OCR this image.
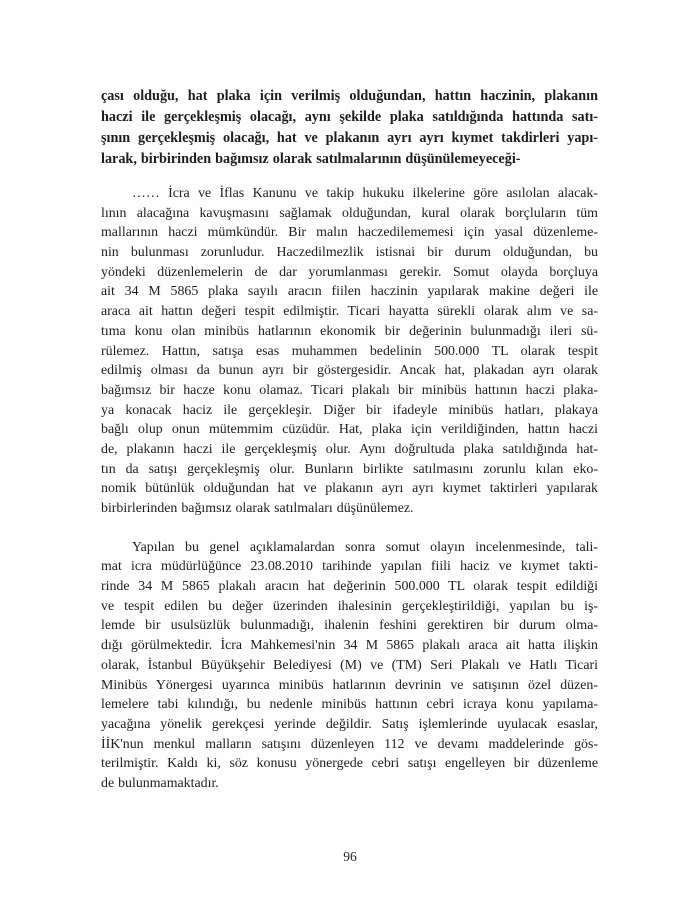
çası olduğu, hat plaka için verilmiş olduğundan, hattın haczinin, plakanın
haczi ile gerçekleşmiş olacağı, aynı şekilde plaka satıldığında hattında satı-
şının gerçekleşmiş olacağı, hat ve plakanın ayrı ayrı kıymet takdirleri yapı-
larak, birbirinden bağımsız olarak satılmalarının düşünülemeyeceği-
…… İcra ve İflas Kanunu ve takip hukuku ilkelerine göre asılolan alacak-
lının alacağına kavuşmasını sağlamak olduğundan, kural olarak borçluların tüm
mallarının haczi mümkündür. Bir malın haczedilememesi için yasal düzenleme-
nin bulunması zorunludur. Haczedilmezlik istisnai bir durum olduğundan, bu
yöndeki düzenlemelerin de dar yorumlanması gerekir. Somut olayda borçluya
ait 34 M 5865 plaka sayılı aracın fiilen haczinin yapılarak makine değeri ile
araca ait hattın değeri tespit edilmiştir. Ticari hayatta sürekli olarak alım ve sa-
tıma konu olan minibüs hatlarının ekonomik bir değerinin bulunmadığı ileri sü-
rülemez. Hattın, satışa esas muhammen bedelinin 500.000 TL olarak tespit
edilmiş olması da bunun ayrı bir göstergesidir. Ancak hat, plakadan ayrı olarak
bağımsız bir hacze konu olamaz. Ticari plakalı bir minibüs hattının haczi plaka-
ya konacak haciz ile gerçekleşir. Diğer bir ifadeyle minibüs hatları, plakaya
bağlı olup onun mütemmim cüzüdür. Hat, plaka için verildiğinden, hattın haczi
de, plakanın haczi ile gerçekleşmiş olur. Aynı doğrultuda plaka satıldığında hat-
tın da satışı gerçekleşmiş olur. Bunların birlikte satılmasını zorunlu kılan eko-
nomik bütünlük olduğundan hat ve plakanın ayrı ayrı kıymet taktirleri yapılarak
birbirlerinden bağımsız olarak satılmaları düşünülemez.
Yapılan bu genel açıklamalardan sonra somut olayın incelenmesinde, tali-
mat icra müdürlüğünce 23.08.2010 tarihinde yapılan fiili haciz ve kıymet takti-
rinde 34 M 5865 plakalı aracın hat değerinin 500.000 TL olarak tespit edildiği
ve tespit edilen bu değer üzerinden ihalesinin gerçekleştirildiği, yapılan bu iş-
lemde bir usulsüzlük bulunmadığı, ihalenin feshini gerektiren bir durum olma-
dığı görülmektedir. İcra Mahkemesi'nin 34 M 5865 plakalı araca ait hatta ilişkin
olarak, İstanbul Büyükşehir Belediyesi (M) ve (TM) Seri Plakalı ve Hatlı Ticari
Minibüs Yönergesi uyarınca minibüs hatlarının devrinin ve satışının özel düzen-
lemelere tabi kılındığı, bu nedenle minibüs hattının cebri icraya konu yapılama-
yacağına yönelik gerekçesi yerinde değildir. Satış işlemlerinde uyulacak esaslar,
İİK'nun menkul malların satışını düzenleyen 112 ve devamı maddelerinde gös-
terilmiştir. Kaldı ki, söz konusu yönergede cebri satışı engelleyen bir düzenleme
de bulunmamaktadır.
96
